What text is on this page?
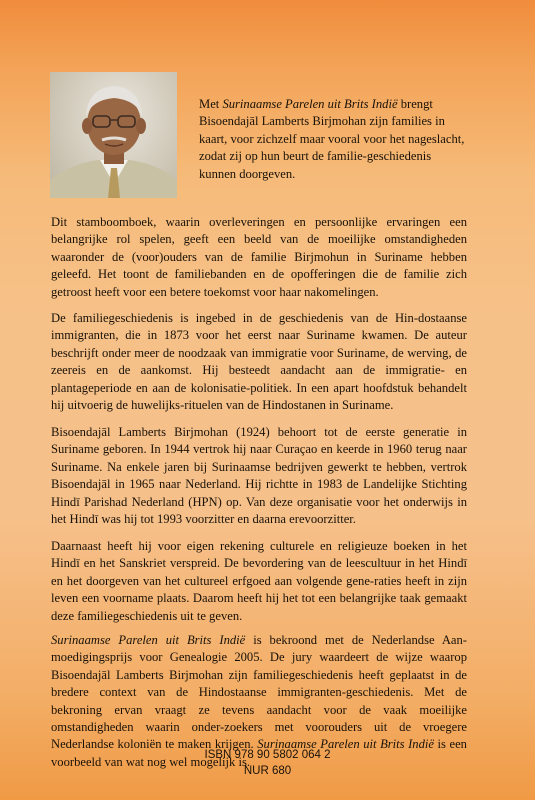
Met Surinaamse Parelen uit Brits Indië brengt Bisoendajāl Lamberts Birjmohan zijn families in kaart, voor zichzelf maar vooral voor het nageslacht, zodat zij op hun beurt de familie-geschiedenis kunnen doorgeven.

Dit stamboomboek, waarin overleveringen en persoonlijke ervaringen een belangrijke rol spelen, geeft een beeld van de moeilijke omstandigheden waaronder de (voor)ouders van de familie Birjmohun in Suriname hebben geleefd. Het toont de familiebanden en de opofferingen die de familie zich getroost heeft voor een betere toekomst voor haar nakomelingen.

De familiegeschiedenis is ingebed in de geschiedenis van de Hin-dostaanse immigranten, die in 1873 voor het eerst naar Suriname kwamen. De auteur beschrijft onder meer de noodzaak van immigratie voor Suriname, de werving, de zeereis en de aankomst. Hij besteedt aandacht aan de immigratie- en plantageperiode en aan de kolonisatie-politiek. In een apart hoofdstuk behandelt hij uitvoerig de huwelijks-rituelen van de Hindostanen in Suriname.

Bisoendajāl Lamberts Birjmohan (1924) behoort tot de eerste generatie in Suriname geboren. In 1944 vertrok hij naar Curaçao en keerde in 1960 terug naar Suriname. Na enkele jaren bij Surinaamse bedrijven gewerkt te hebben, vertrok Bisoendajāl in 1965 naar Nederland. Hij richtte in 1983 de Landelijke Stichting Hindī Parishad Nederland (HPN) op. Van deze organisatie voor het onderwijs in het Hindī was hij tot 1993 voorzitter en daarna erevoorzitter.

Daarnaast heeft hij voor eigen rekening culturele en religieuze boeken in het Hindī en het Sanskriet verspreid. De bevordering van de leescultuur in het Hindī en het doorgeven van het cultureel erfgoed aan volgende gene-raties heeft in zijn leven een voorname plaats. Daarom heeft hij het tot een belangrijke taak gemaakt deze familiegeschiedenis uit te geven.

Surinaamse Parelen uit Brits Indië is bekroond met de Nederlandse Aan-moedigingsprijs voor Genealogie 2005. De jury waardeert de wijze waarop Bisoendajāl Lamberts Birjmohan zijn familiegeschiedenis heeft geplaatst in de bredere context van de Hindostaanse immigranten-geschiedenis. Met de bekroning ervan vraagt ze tevens aandacht voor de vaak moeilijke omstandigheden waarin onder-zoekers met voorouders uit de vroegere Nederlandse koloniën te maken krijgen. Surinaamse Parelen uit Brits Indië is een voorbeeld van wat nog wel mogelijk is.

ISBN 978 90 5802 064 2
NUR 680
